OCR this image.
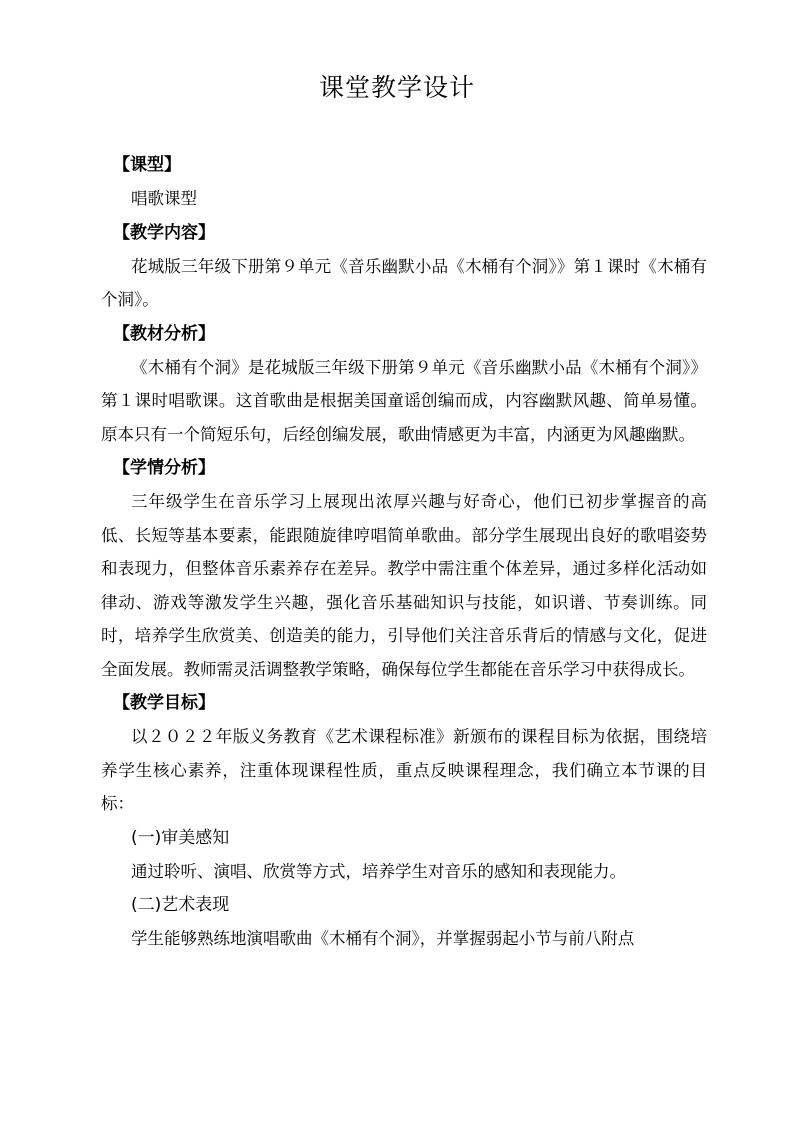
课堂教学设计
【课型】

唱歌课型

【教学内容】

花城版三年级下册第９单元《音乐幽默小品《木桶有个洞》》第１课时《木桶有个洞》。

【教材分析】

《木桶有个洞》是花城版三年级下册第９单元《音乐幽默小品《木桶有个洞》》第１课时唱歌课。这首歌曲是根据美国童谣创编而成，内容幽默风趣、简单易懂。原本只有一个简短乐句，后经创编发展，歌曲情感更为丰富，内涵更为风趣幽默。

【学情分析】

三年级学生在音乐学习上展现出浓厚兴趣与好奇心，他们已初步掌握音的高低、长短等基本要素，能跟随旋律哼唱简单歌曲。部分学生展现出良好的歌唱姿势和表现力，但整体音乐素养存在差异。教学中需注重个体差异，通过多样化活动如律动、游戏等激发学生兴趣，强化音乐基础知识与技能，如识谱、节奏训练。同时，培养学生欣赏美、创造美的能力，引导他们关注音乐背后的情感与文化，促进全面发展。教师需灵活调整教学策略，确保每位学生都能在音乐学习中获得成长。

【教学目标】

以２０２２年版义务教育《艺术课程标准》新颁布的课程目标为依据，围绕培养学生核心素养，注重体现课程性质，重点反映课程理念，我们确立本节课的目标：

(一)审美感知

通过聆听、演唱、欣赏等方式，培养学生对音乐的感知和表现能力。

(二)艺术表现

学生能够熟练地演唱歌曲《木桶有个洞》，并掌握弱起小节与前八附点
